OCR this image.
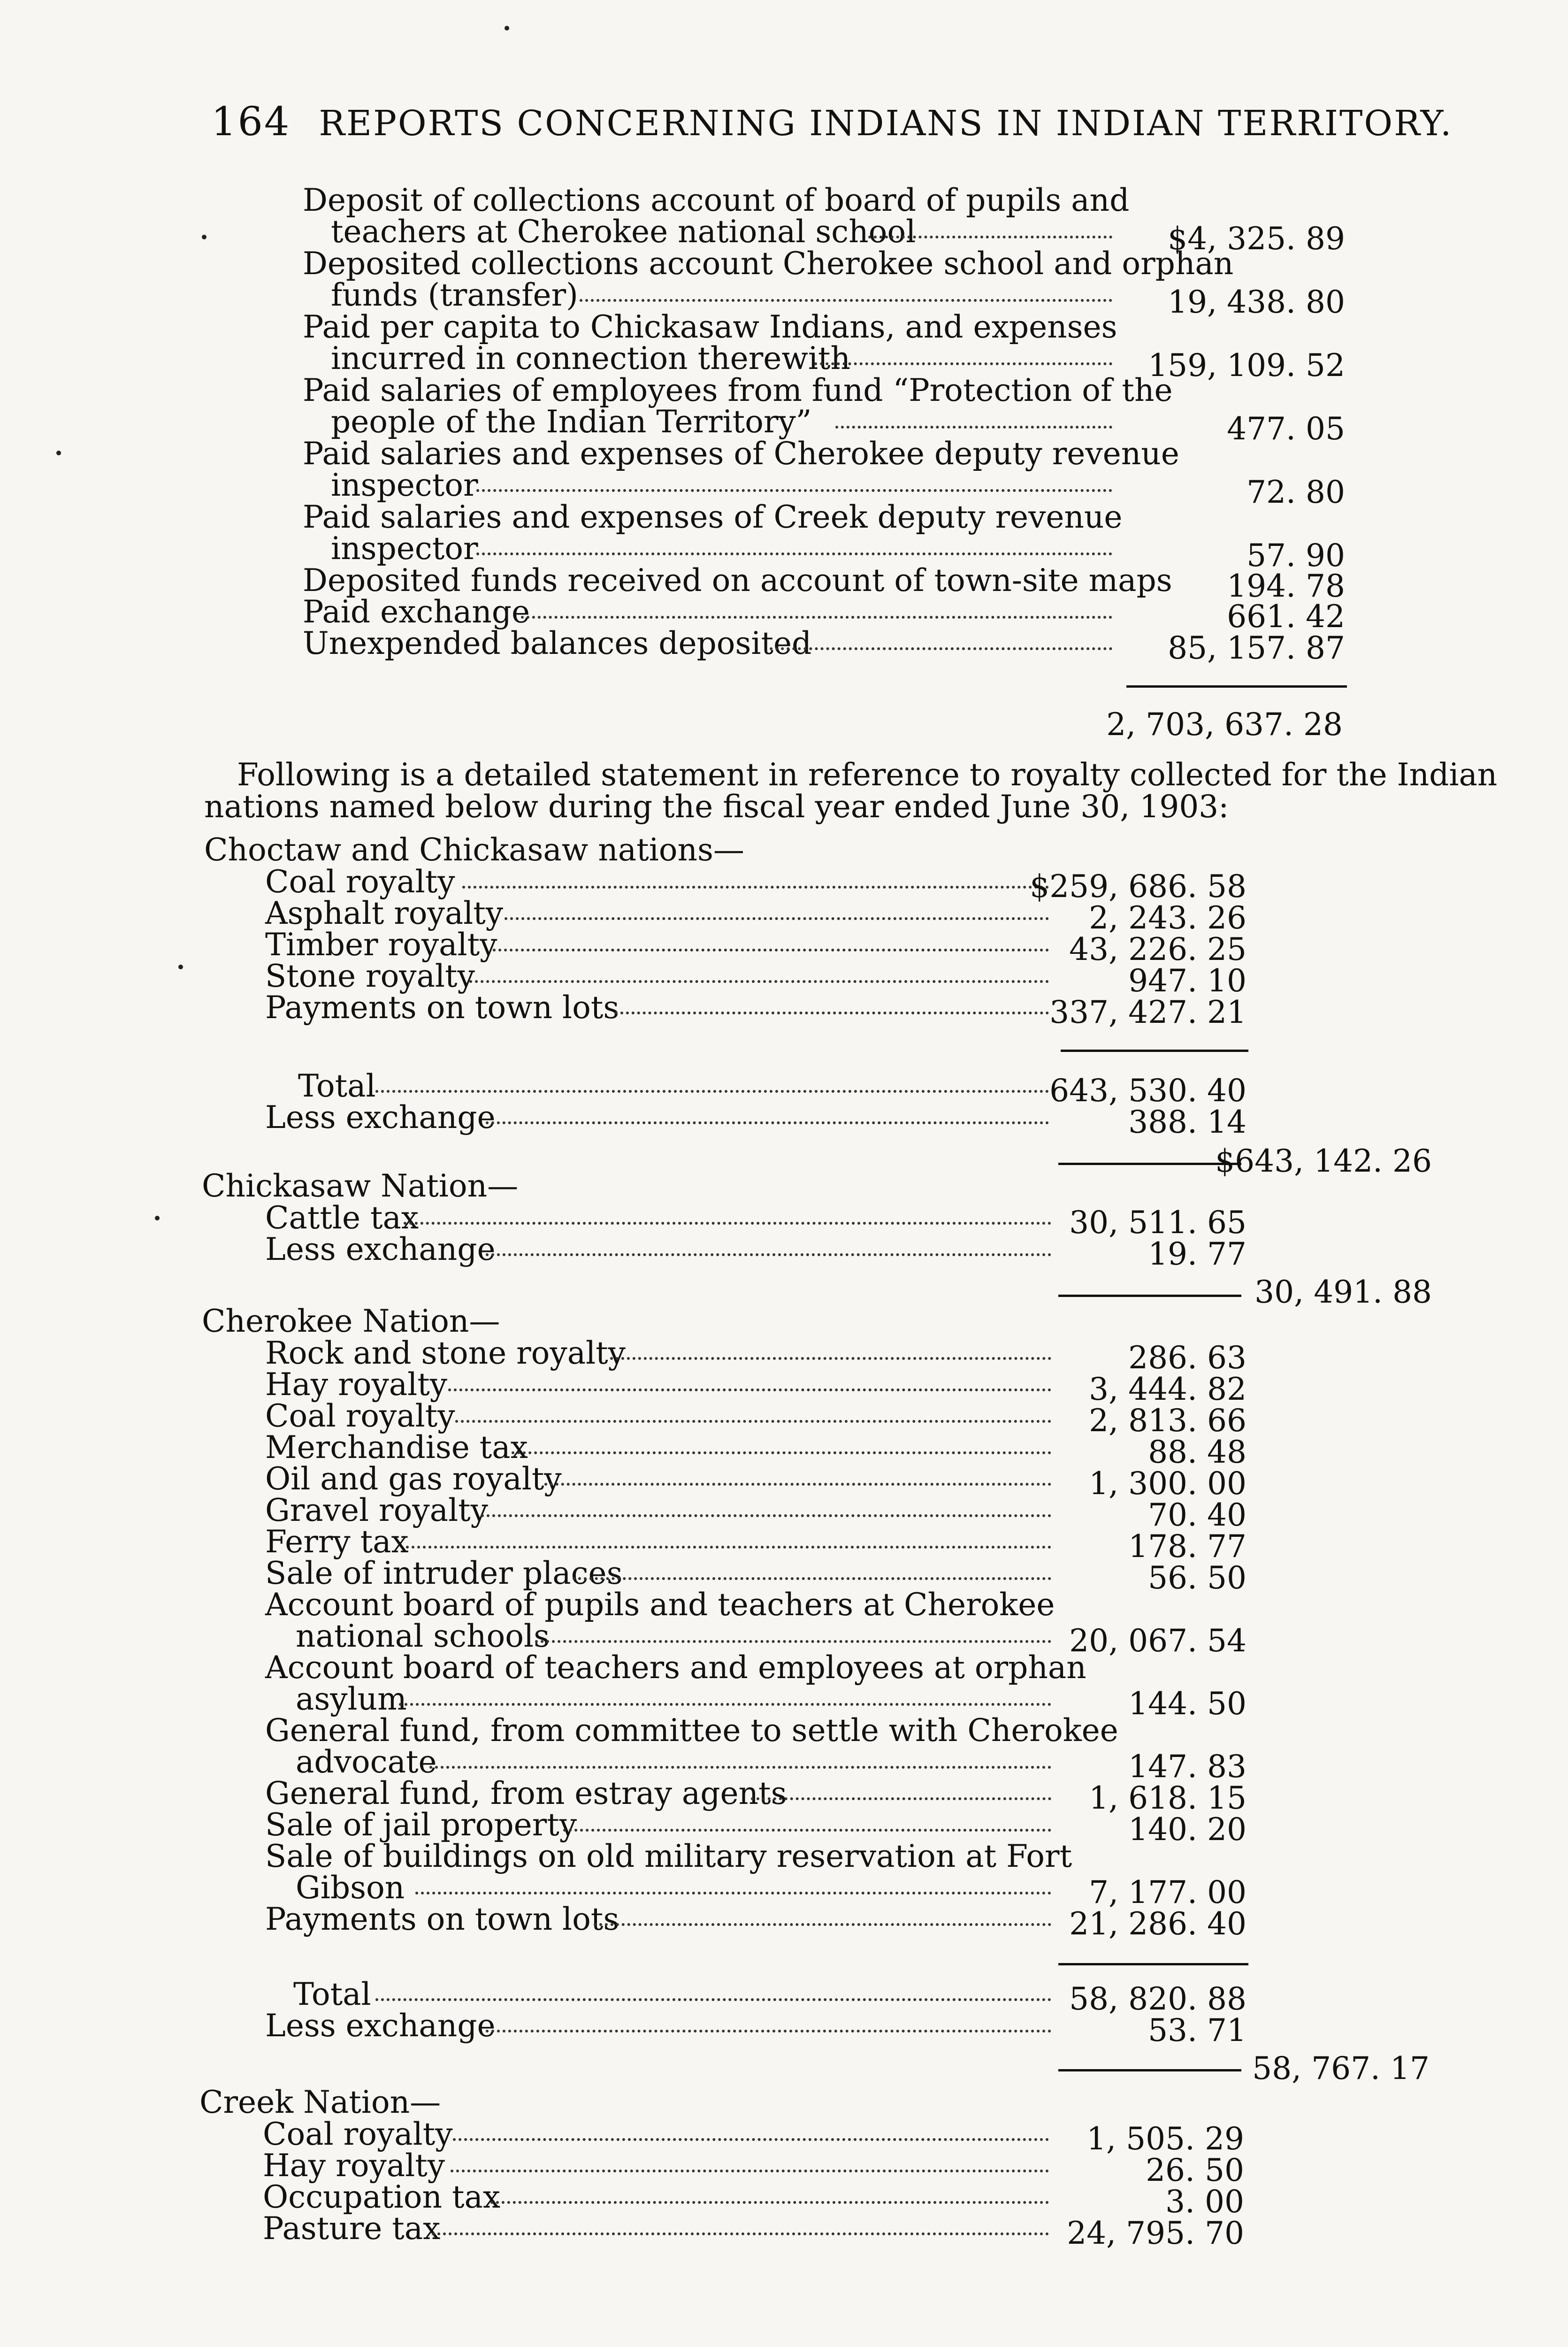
164 REPORTS CONCERNING INDIANS IN INDIAN TERRITORY.
Deposit of collections account of board of pupils and
teachers at Cherokee national school	$4, 325. 89
Deposited collections account Cherokee school and orphan
funds (transfer)	19, 438. 80
Paid per capita to Chickasaw Indians, and expenses
incurred in connection therewith	159, 109. 52
Paid salaries of employees from fund “Protection of the
people of the Indian Territory”	477. 05
Paid salaries and expenses of Cherokee deputy revenue
inspector	72. 80
Paid salaries and expenses of Creek deputy revenue
inspector	57. 90
Deposited funds received on account of town-site maps 194. 78
Paid exchange	661. 42
Unexpended balances deposited	85, 157. 87
2, 703, 637. 28
Following is a detailed statement in reference to royalty collected for the Indian
nations named below during the fiscal year ended June 30, 1903:
Choctaw and Chickasaw nations—
Coal royalty	$259, 686. 58
Asphalt royalty	2, 243. 26
Timber royalty	43, 226. 25
Stone royalty	947. 10
Payments on town lots	337, 427. 21
Total	643, 530. 40
Less exchange	388. 14
$643, 142. 26
Chickasaw Nation—
Cattle tax	30, 511. 65
Less exchange	19. 77
30, 491. 88
Cherokee Nation—
Rock and stone royalty	286. 63
Hay royalty	3, 444. 82
Coal royalty	2, 813. 66
Merchandise tax	88. 48
Oil and gas royalty	1, 300. 00
Gravel royalty	70. 40
Ferry tax	178. 77
Sale of intruder places	56. 50
Account board of pupils and teachers at Cherokee
national schools	20, 067. 54
Account board of teachers and employees at orphan
asylum	144. 50
General fund, from committee to settle with Cherokee
advocate	147. 83
General fund, from estray agents	1, 618. 15
Sale of jail property	140. 20
Sale of buildings on old military reservation at Fort
Gibson	7, 177. 00
Payments on town lots	21, 286. 40
Total	58, 820. 88
Less exchange	53. 71
58, 767. 17
Creek Nation—
Coal royalty	1, 505. 29
Hay royalty	26. 50
Occupation tax	3. 00
Pasture tax	24, 795. 70
